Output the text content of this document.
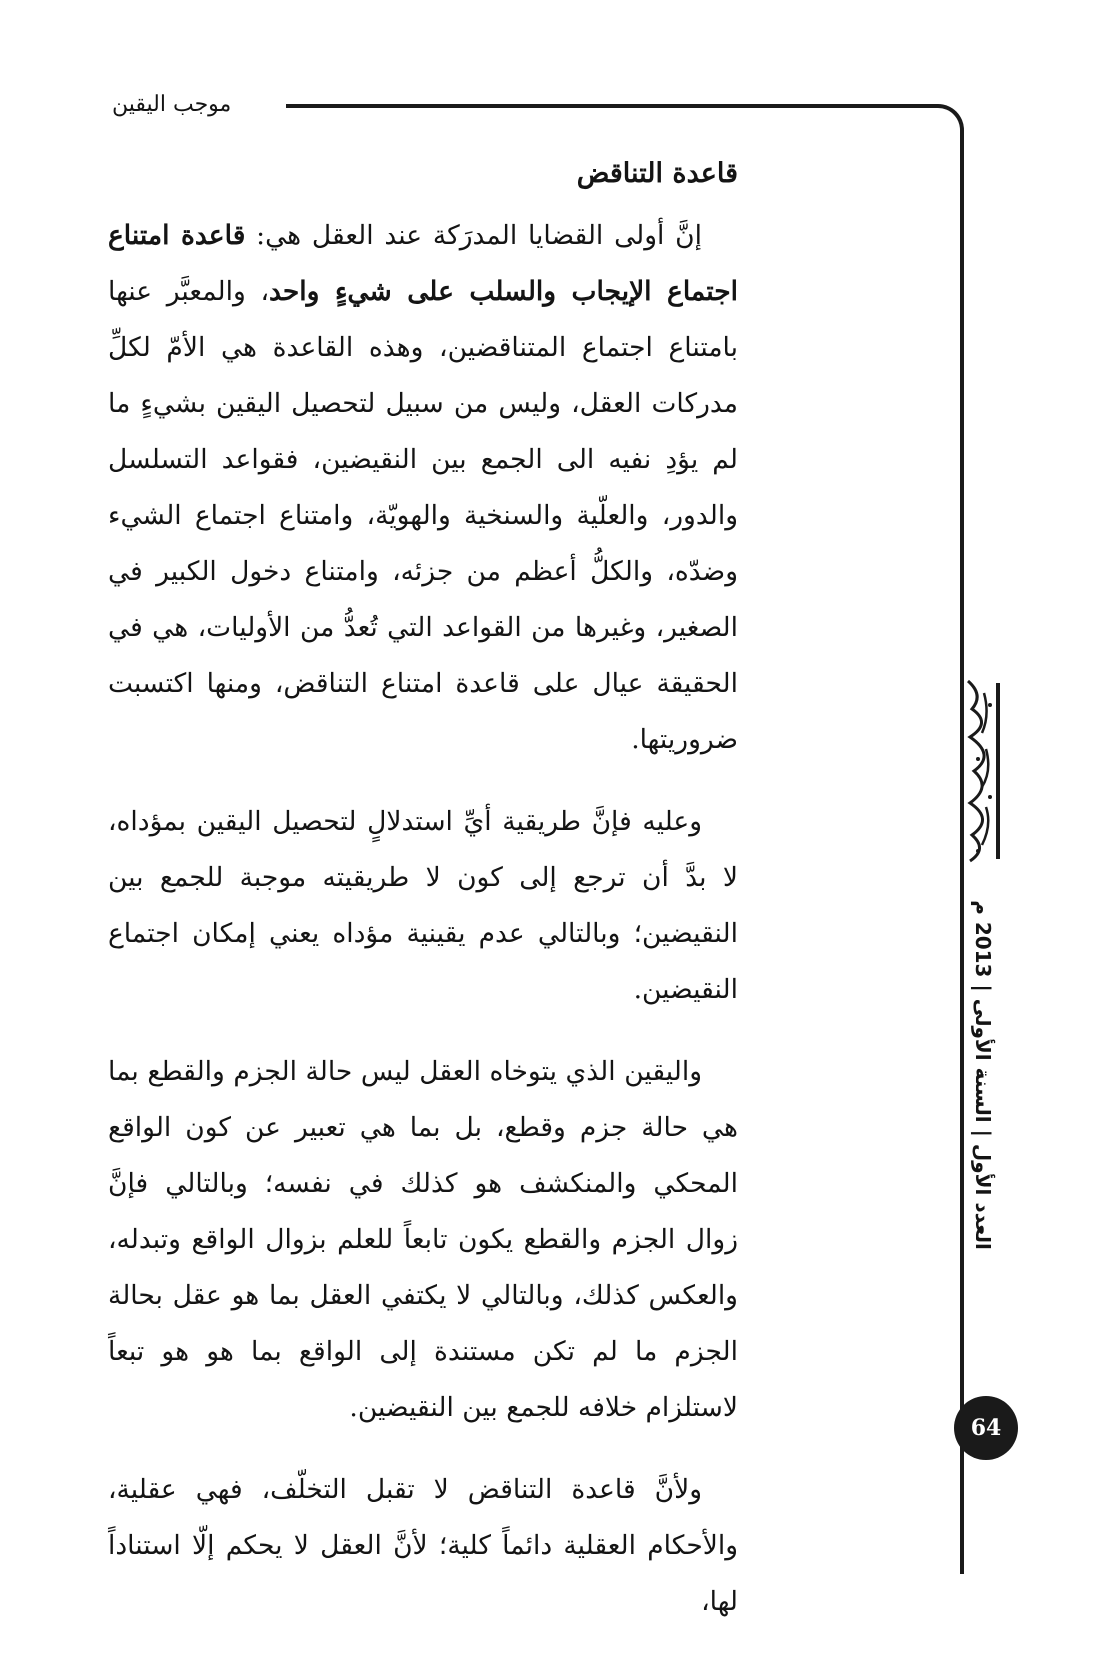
موجب اليقين
قاعدة التناقض

إنَّ أولى القضايا المدرَكة عند العقل هي: قاعدة امتناع اجتماع الإيجاب والسلب على شيءٍ واحد، والمعبَّر عنها بامتناع اجتماع المتناقضين، وهذه القاعدة هي الأمّ لكلِّ مدركات العقل، وليس من سبيل لتحصيل اليقين بشيءٍ ما لم يؤدِ نفيه الى الجمع بين النقيضين، فقواعد التسلسل والدور، والعلّية والسنخية والهويّة، وامتناع اجتماع الشيء وضدّه، والكلُّ أعظم من جزئه، وامتناع دخول الكبير في الصغير، وغيرها من القواعد التي تُعدُّ من الأوليات، هي في الحقيقة عيال على قاعدة امتناع التناقض، ومنها اكتسبت ضروريتها.

وعليه فإنَّ طريقية أيِّ استدلالٍ لتحصيل اليقين بمؤداه، لا بدَّ أن ترجع إلى كون لا طريقيته موجبة للجمع بين النقيضين؛ وبالتالي عدم يقينية مؤداه يعني إمكان اجتماع النقيضين.

واليقين الذي يتوخاه العقل ليس حالة الجزم والقطع بما هي حالة جزم وقطع، بل بما هي تعبير عن كون الواقع المحكي والمنكشف هو كذلك في نفسه؛ وبالتالي فإنَّ زوال الجزم والقطع يكون تابعاً للعلم بزوال الواقع وتبدله، والعكس كذلك، وبالتالي لا يكتفي العقل بما هو عقل بحالة الجزم ما لم تكن مستندة إلى الواقع بما هو هو تبعاً لاستلزام خلافه للجمع بين النقيضين.

ولأنَّ قاعدة التناقض لا تقبل التخلّف، فهي عقلية، والأحكام العقلية دائماً كلية؛ لأنَّ العقل لا يحكم إلّا استناداً لها،

العدد الأول | السنة الأولى | 2013 م
64
